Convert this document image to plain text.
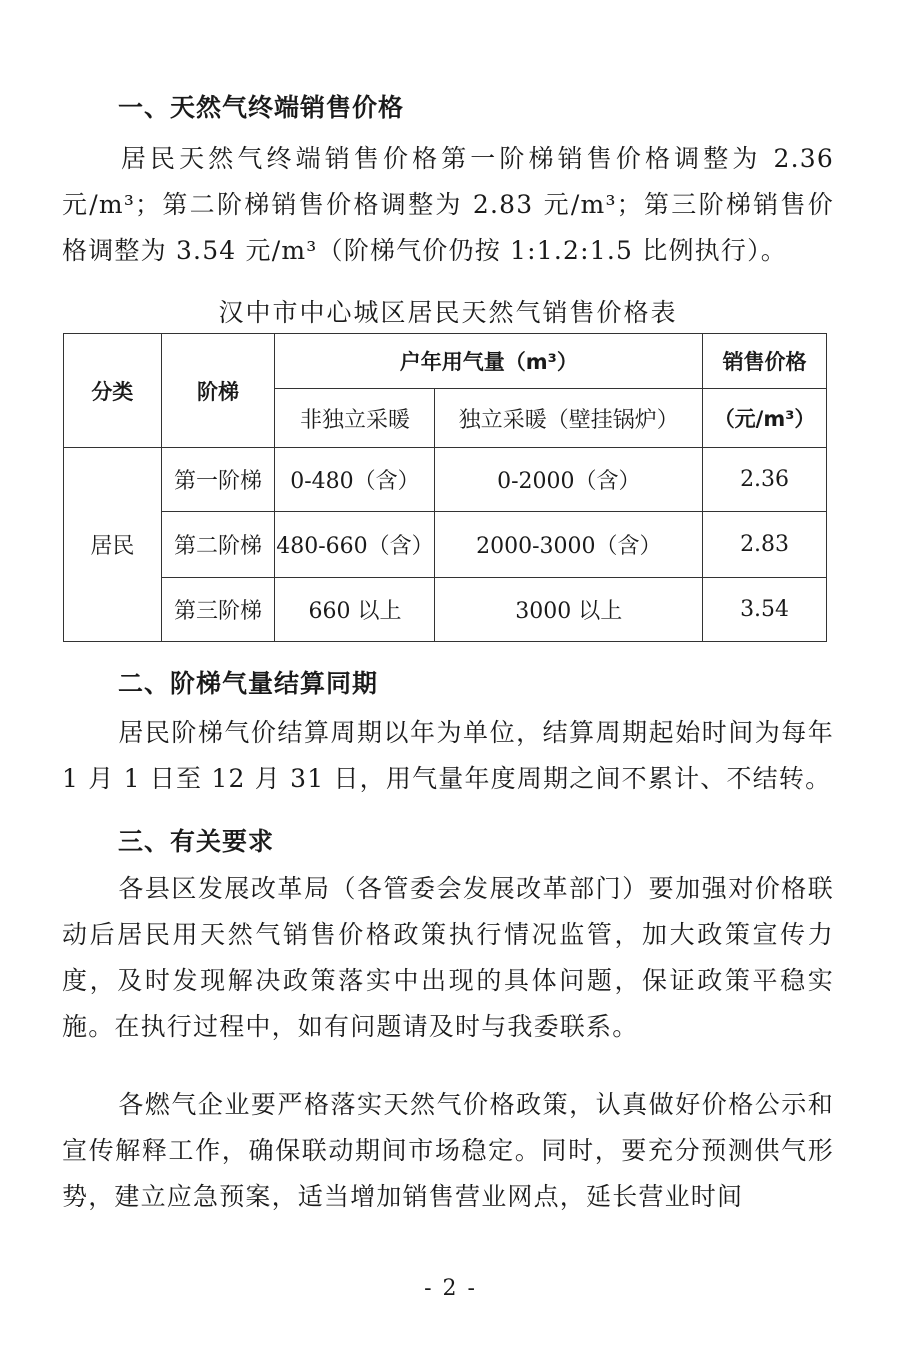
一、天然气终端销售价格
居民天然气终端销售价格第一阶梯销售价格调整为 2.36 元/m³；第二阶梯销售价格调整为 2.83 元/m³；第三阶梯销售价格调整为 3.54 元/m³（阶梯气价仍按 1:1.2:1.5 比例执行）。
汉中市中心城区居民天然气销售价格表
分类	阶梯	户年用气量（m³）		销售价格
		非独立采暖	独立采暖（壁挂锅炉）	（元/m³）
居民	第一阶梯	0-480（含）	0-2000（含）	2.36
	第二阶梯	480-660（含）	2000-3000（含）	2.83
	第三阶梯	660 以上	3000 以上	3.54
二、阶梯气量结算同期
居民阶梯气价结算周期以年为单位，结算周期起始时间为每年 1 月 1 日至 12 月 31 日，用气量年度周期之间不累计、不结转。
三、有关要求
各县区发展改革局（各管委会发展改革部门）要加强对价格联动后居民用天然气销售价格政策执行情况监管，加大政策宣传力度，及时发现解决政策落实中出现的具体问题，保证政策平稳实施。在执行过程中，如有问题请及时与我委联系。
各燃气企业要严格落实天然气价格政策，认真做好价格公示和宣传解释工作，确保联动期间市场稳定。同时，要充分预测供气形势，建立应急预案，适当增加销售营业网点，延长营业时间
- 2 -
